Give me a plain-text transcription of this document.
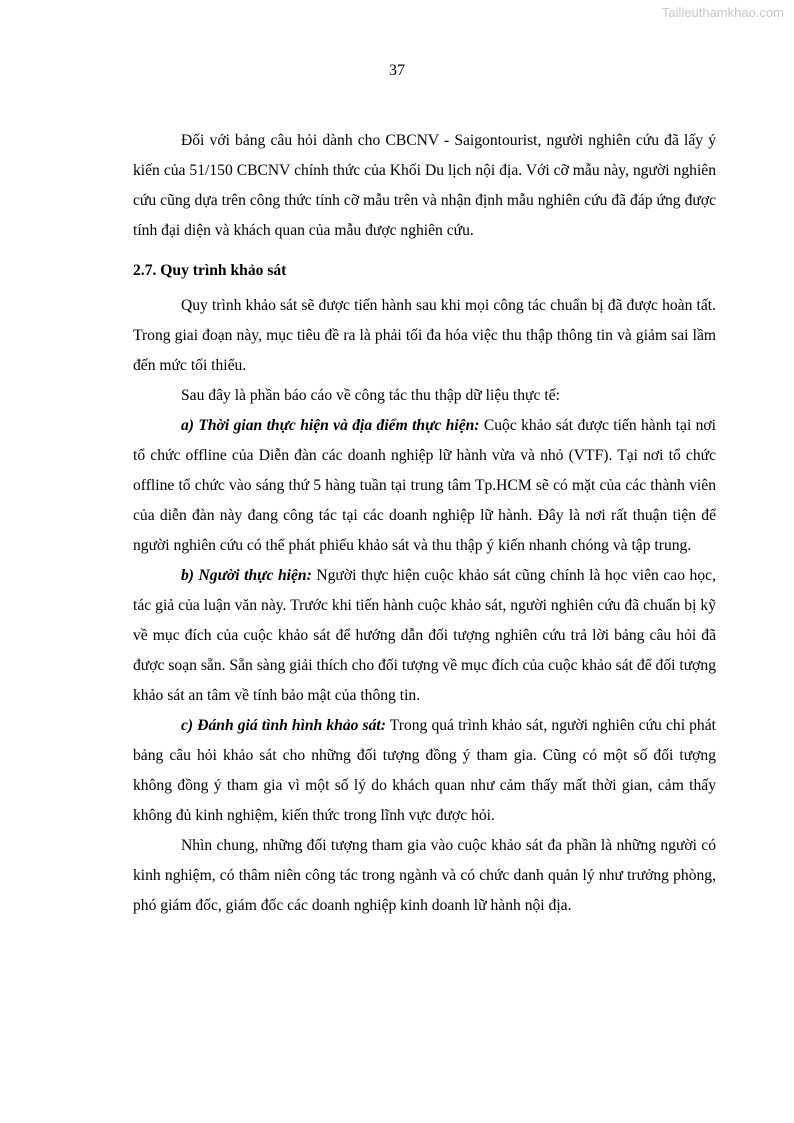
Tailieuthamkhao.com
37

Đối với bảng câu hỏi dành cho CBCNV - Saigontourist, người nghiên cứu đã lấy ý kiến của 51/150 CBCNV chính thức của Khối Du lịch nội địa. Với cỡ mẫu này, người nghiên cứu cũng dựa trên công thức tính cỡ mẫu trên và nhận định mẫu nghiên cứu đã đáp ứng được tính đại diện và khách quan của mẫu được nghiên cứu.

2.7. Quy trình khảo sát

Quy trình khảo sát sẽ được tiến hành sau khi mọi công tác chuẩn bị đã được hoàn tất. Trong giai đoạn này, mục tiêu đề ra là phải tối đa hóa việc thu thập thông tin và giảm sai lầm đến mức tối thiểu.

Sau đây là phần báo cáo về công tác thu thập dữ liệu thực tế:

a) Thời gian thực hiện và địa điểm thực hiện: Cuộc khảo sát được tiến hành tại nơi tổ chức offline của Diễn đàn các doanh nghiệp lữ hành vừa và nhỏ (VTF). Tại nơi tổ chức offline tổ chức vào sáng thứ 5 hàng tuần tại trung tâm Tp.HCM sẽ có mặt của các thành viên của diễn đàn này đang công tác tại các doanh nghiệp lữ hành. Đây là nơi rất thuận tiện để người nghiên cứu có thể phát phiếu khảo sát và thu thập ý kiến nhanh chóng và tập trung.

b) Người thực hiện: Người thực hiện cuộc khảo sát cũng chính là học viên cao học, tác giả của luận văn này. Trước khi tiến hành cuộc khảo sát, người nghiên cứu đã chuẩn bị kỹ về mục đích của cuộc khảo sát để hướng dẫn đối tượng nghiên cứu trả lời bảng câu hỏi đã được soạn sẵn. Sẵn sàng giải thích cho đối tượng về mục đích của cuộc khảo sát để đối tượng khảo sát an tâm về tính bảo mật của thông tin.

c) Đánh giá tình hình khảo sát: Trong quá trình khảo sát, người nghiên cứu chỉ phát bảng câu hỏi khảo sát cho những đối tượng đồng ý tham gia. Cũng có một số đối tượng không đồng ý tham gia vì một số lý do khách quan như cảm thấy mất thời gian, cảm thấy không đủ kinh nghiệm, kiến thức trong lĩnh vực được hỏi.

Nhìn chung, những đối tượng tham gia vào cuộc khảo sát đa phần là những người có kinh nghiệm, có thâm niên công tác trong ngành và có chức danh quản lý như trưởng phòng, phó giám đốc, giám đốc các doanh nghiệp kinh doanh lữ hành nội địa.
